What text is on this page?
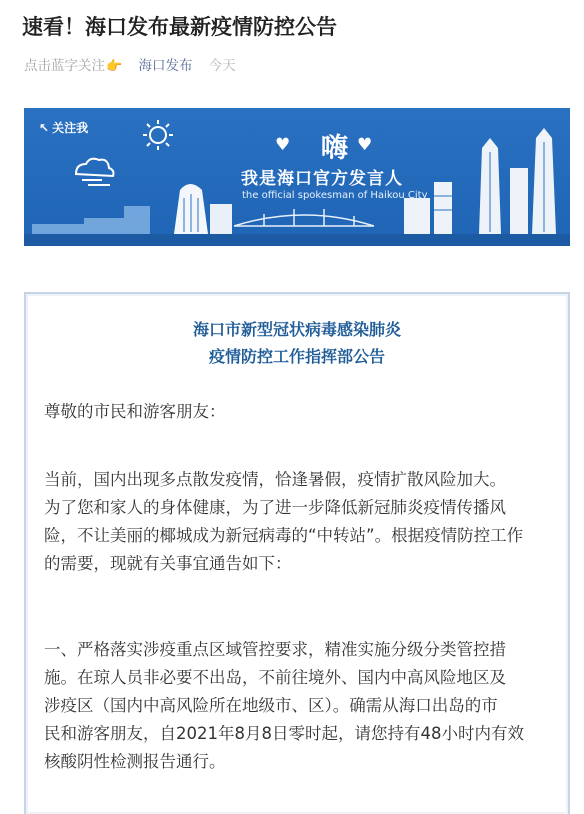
速看！海口发布最新疫情防控公告
点击蓝字关注👉 海口发布 今天
↖ 关注我
♥ 嗨 ♥
我是海口官方发言人
the official spokesman of Haikou City
海口市新型冠状病毒感染肺炎
疫情防控工作指挥部公告
尊敬的市民和游客朋友：
当前，国内出现多点散发疫情，恰逢暑假，疫情扩散风险加大。
为了您和家人的身体健康，为了进一步降低新冠肺炎疫情传播风
险，不让美丽的椰城成为新冠病毒的“中转站”。根据疫情防控工作
的需要，现就有关事宜通告如下：
一、严格落实涉疫重点区域管控要求，精准实施分级分类管控措
施。在琼人员非必要不出岛，不前往境外、国内中高风险地区及
涉疫区（国内中高风险所在地级市、区）。确需从海口出岛的市
民和游客朋友，自2021年8月8日零时起，请您持有48小时内有效
核酸阴性检测报告通行。
